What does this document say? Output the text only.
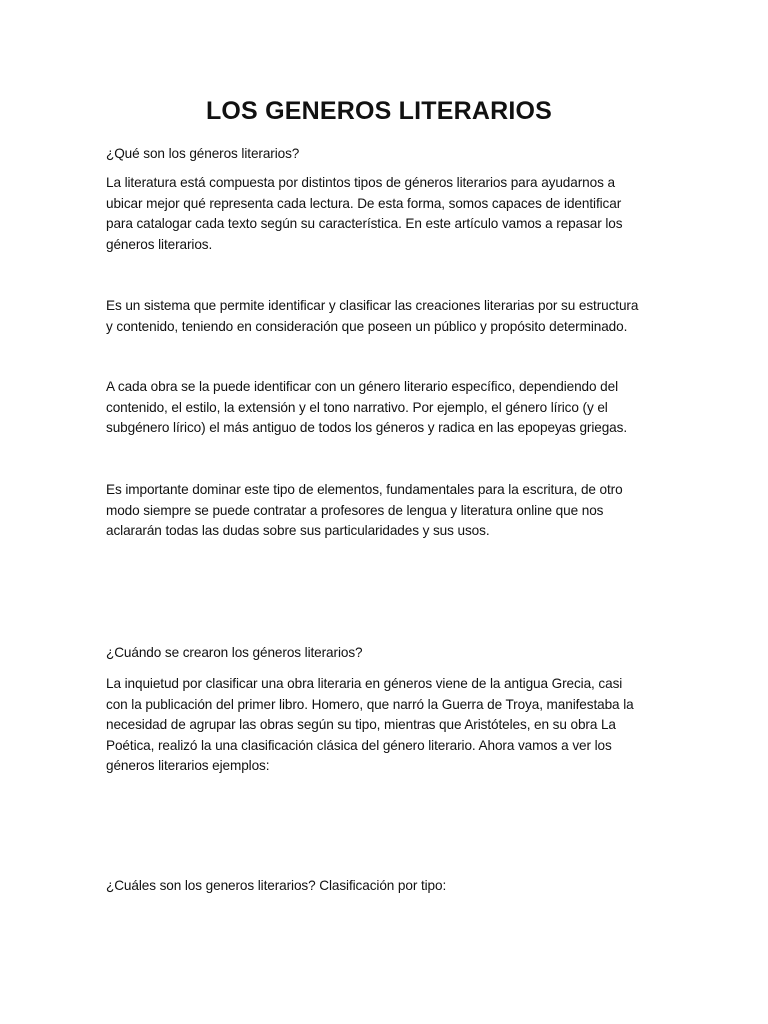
LOS GENEROS LITERARIOS

¿Qué son los géneros literarios?

La literatura está compuesta por distintos tipos de géneros literarios para ayudarnos a
ubicar mejor qué representa cada lectura. De esta forma, somos capaces de identificar
para catalogar cada texto según su característica. En este artículo vamos a repasar los
géneros literarios.

Es un sistema que permite identificar y clasificar las creaciones literarias por su estructura
y contenido, teniendo en consideración que poseen un público y propósito determinado.

A cada obra se la puede identificar con un género literario específico, dependiendo del
contenido, el estilo, la extensión y el tono narrativo. Por ejemplo, el género lírico (y el
subgénero lírico) el más antiguo de todos los géneros y radica en las epopeyas griegas.

Es importante dominar este tipo de elementos, fundamentales para la escritura, de otro
modo siempre se puede contratar a profesores de lengua y literatura online que nos
aclararán todas las dudas sobre sus particularidades y sus usos.

¿Cuándo se crearon los géneros literarios?

La inquietud por clasificar una obra literaria en géneros viene de la antigua Grecia, casi
con la publicación del primer libro. Homero, que narró la Guerra de Troya, manifestaba la
necesidad de agrupar las obras según su tipo, mientras que Aristóteles, en su obra La
Poética, realizó la una clasificación clásica del género literario. Ahora vamos a ver los
géneros literarios ejemplos:

¿Cuáles son los generos literarios? Clasificación por tipo:
